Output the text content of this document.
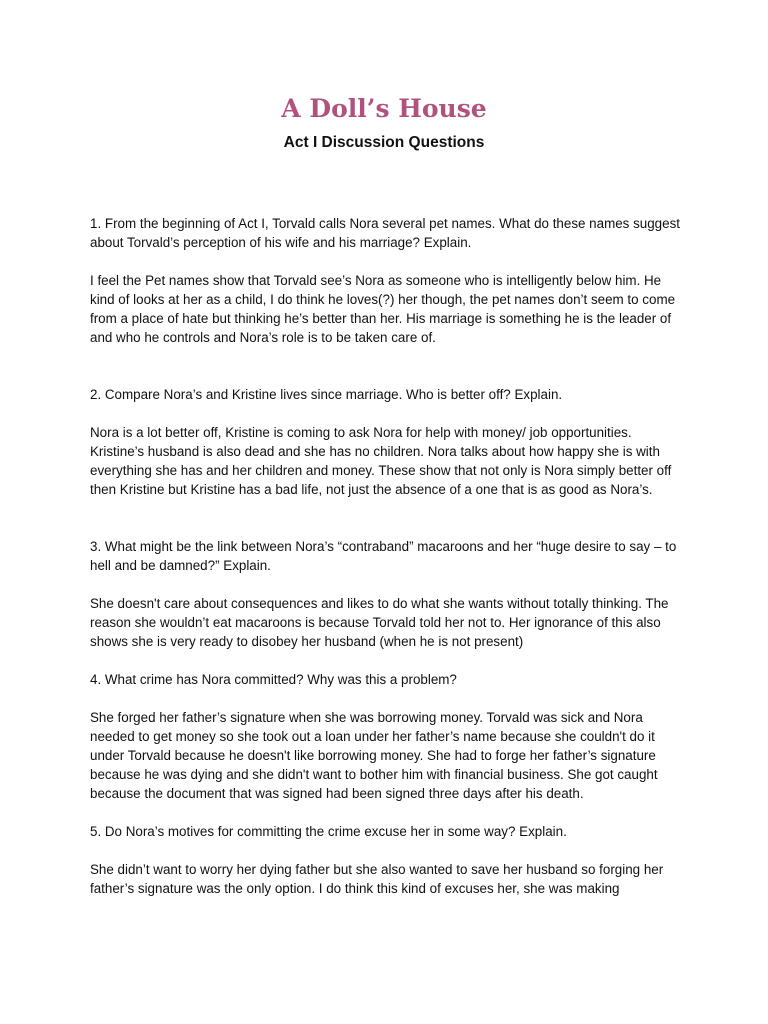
A Doll’s House
Act I Discussion Questions

1. From the beginning of Act I, Torvald calls Nora several pet names. What do these names suggest about Torvald’s perception of his wife and his marriage? Explain.

I feel the Pet names show that Torvald see’s Nora as someone who is intelligently below him. He kind of looks at her as a child, I do think he loves(?) her though, the pet names don’t seem to come from a place of hate but thinking he’s better than her. His marriage is something he is the leader of and who he controls and Nora’s role is to be taken care of.

2. Compare Nora’s and Kristine lives since marriage. Who is better off? Explain.

Nora is a lot better off, Kristine is coming to ask Nora for help with money/ job opportunities. Kristine’s husband is also dead and she has no children. Nora talks about how happy she is with everything she has and her children and money. These show that not only is Nora simply better off then Kristine but Kristine has a bad life, not just the absence of a one that is as good as Nora’s.

3. What might be the link between Nora’s “contraband” macaroons and her “huge desire to say – to hell and be damned?” Explain.

She doesn't care about consequences and likes to do what she wants without totally thinking. The reason she wouldn’t eat macaroons is because Torvald told her not to. Her ignorance of this also shows she is very ready to disobey her husband (when he is not present)

4. What crime has Nora committed? Why was this a problem?

She forged her father’s signature when she was borrowing money. Torvald was sick and Nora needed to get money so she took out a loan under her father’s name because she couldn't do it under Torvald because he doesn't like borrowing money. She had to forge her father’s signature because he was dying and she didn't want to bother him with financial business. She got caught because the document that was signed had been signed three days after his death.

5. Do Nora’s motives for committing the crime excuse her in some way? Explain.

She didn’t want to worry her dying father but she also wanted to save her husband so forging her father’s signature was the only option. I do think this kind of excuses her, she was making
